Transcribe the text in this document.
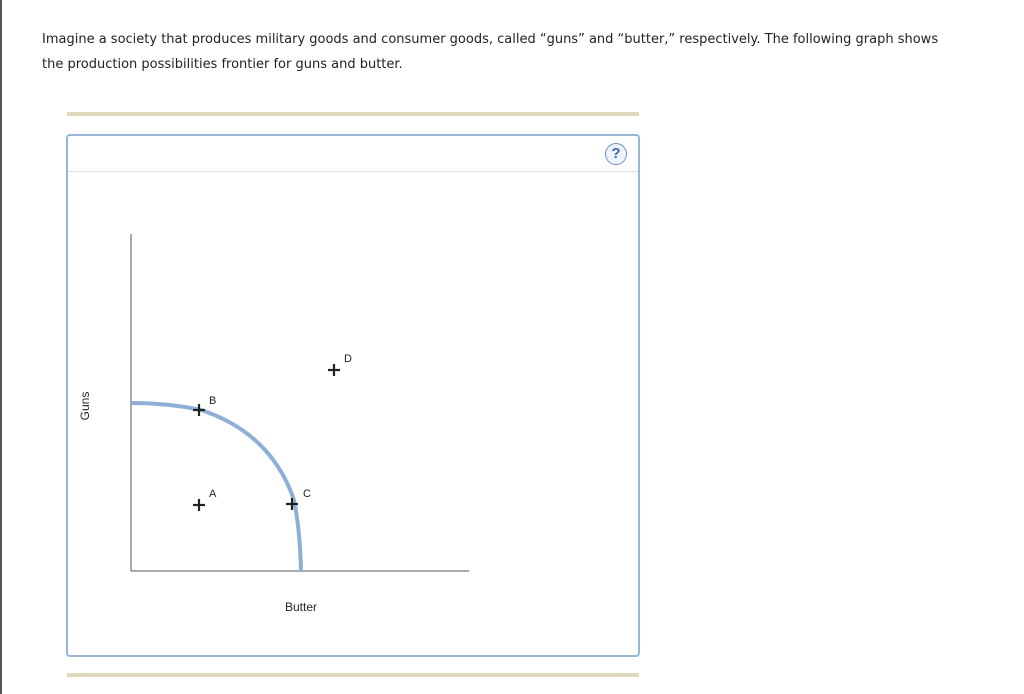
Imagine a society that produces military goods and consumer goods, called “guns” and “butter,” respectively. The following graph shows the production possibilities frontier for guns and butter.
?
Butter
Guns
A
B
C
D
